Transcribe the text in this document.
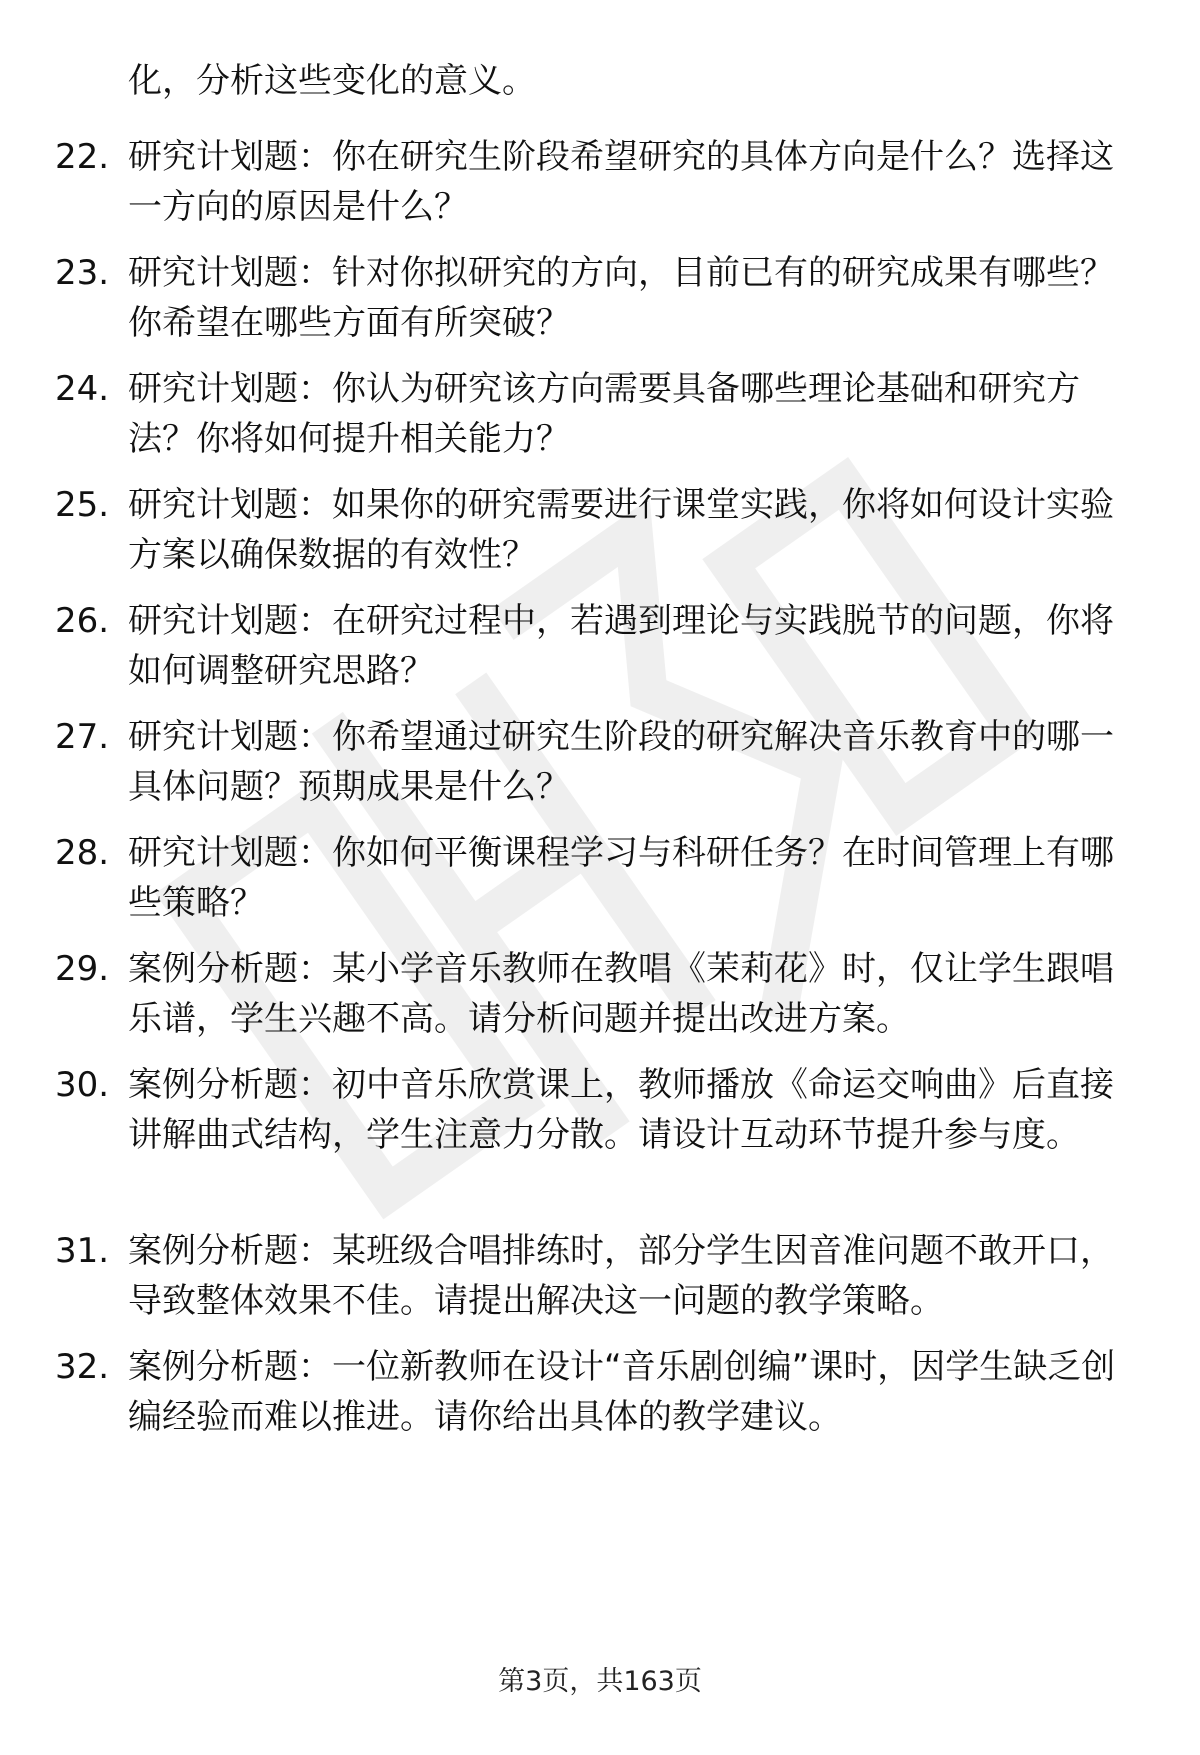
化，分析这些变化的意义。
22. 研究计划题：你在研究生阶段希望研究的具体方向是什么？选择这一方向的原因是什么？
23. 研究计划题：针对你拟研究的方向，目前已有的研究成果有哪些？你希望在哪些方面有所突破？
24. 研究计划题：你认为研究该方向需要具备哪些理论基础和研究方法？你将如何提升相关能力？
25. 研究计划题：如果你的研究需要进行课堂实践，你将如何设计实验方案以确保数据的有效性？
26. 研究计划题：在研究过程中，若遇到理论与实践脱节的问题，你将如何调整研究思路？
27. 研究计划题：你希望通过研究生阶段的研究解决音乐教育中的哪一具体问题？预期成果是什么？
28. 研究计划题：你如何平衡课程学习与科研任务？在时间管理上有哪些策略？
29. 案例分析题：某小学音乐教师在教唱《茉莉花》时，仅让学生跟唱乐谱，学生兴趣不高。请分析问题并提出改进方案。
30. 案例分析题：初中音乐欣赏课上，教师播放《命运交响曲》后直接讲解曲式结构，学生注意力分散。请设计互动环节提升参与度。
31. 案例分析题：某班级合唱排练时，部分学生因音准问题不敢开口，导致整体效果不佳。请提出解决这一问题的教学策略。
32. 案例分析题：一位新教师在设计“音乐剧创编”课时，因学生缺乏创编经验而难以推进。请你给出具体的教学建议。
第3页，共163页
